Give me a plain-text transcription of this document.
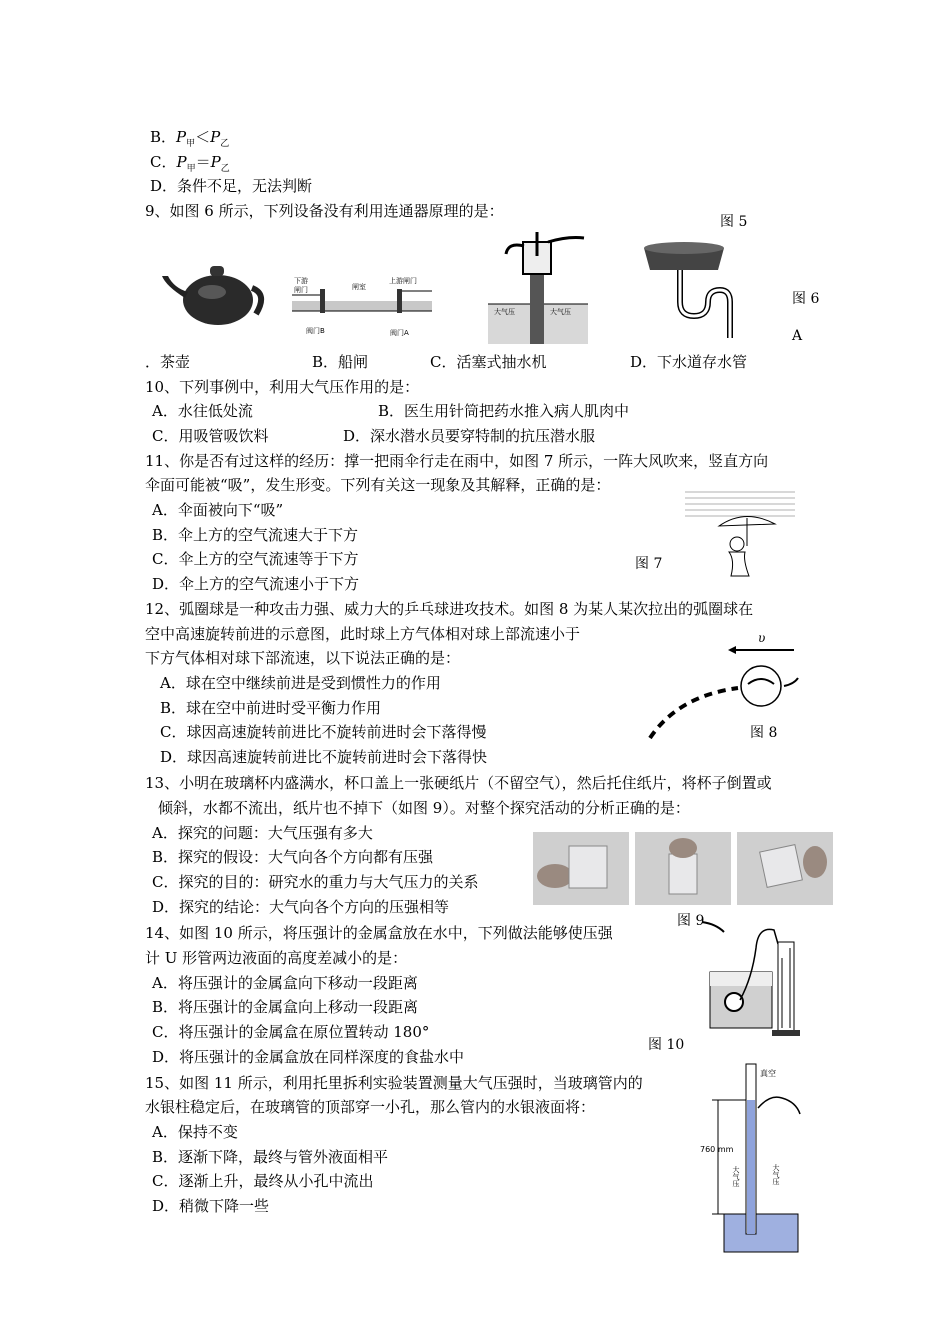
B．$P_甲<P_乙$
C．$P_甲=P_乙$
D．条件不足，无法判断
9、如图 6 所示，下列设备没有利用连通器原理的是：
图 5
图 6
A
下游
闸门	闸室
上游闸门
阀门B	阀门A
大气压	大气压
．茶壶	B．船闸	C．活塞式抽水机	D．下水道存水管
10、下列事例中，利用大气压作用的是：
A．水往低处流	B．医生用针筒把药水推入病人肌肉中
C．用吸管吸饮料	D．深水潜水员要穿特制的抗压潜水服
11、你是否有过这样的经历：撑一把雨伞行走在雨中，如图 7 所示，一阵大风吹来，竖直方向
伞面可能被“吸”，发生形变。下列有关这一现象及其解释，正确的是：
A．伞面被向下“吸”
B．伞上方的空气流速大于下方
C．伞上方的空气流速等于下方
D．伞上方的空气流速小于下方
图 7
12、弧圈球是一种攻击力强、威力大的乒乓球进攻技术。如图 8 为某人某次拉出的弧圈球在
空中高速旋转前进的示意图，此时球上方气体相对球上部流速小于
下方气体相对球下部流速，以下说法正确的是：
A．球在空中继续前进是受到惯性力的作用
B．球在空中前进时受平衡力作用
C．球因高速旋转前进比不旋转前进时会下落得慢
D．球因高速旋转前进比不旋转前进时会下落得快
图 8
υ
13、小明在玻璃杯内盛满水，杯口盖上一张硬纸片（不留空气），然后托住纸片，将杯子倒置或
倾斜，水都不流出，纸片也不掉下（如图 9）。对整个探究活动的分析正确的是：
A．探究的问题：大气压强有多大
B．探究的假设：大气向各个方向都有压强
C．探究的目的：研究水的重力与大气压力的关系
D．探究的结论：大气向各个方向的压强相等
图 9
14、如图 10 所示，将压强计的金属盒放在水中，下列做法能够使压强
计 U 形管两边液面的高度差减小的是：
A．将压强计的金属盒向下移动一段距离
B．将压强计的金属盒向上移动一段距离
C．将压强计的金属盒在原位置转动 180°
D．将压强计的金属盒放在同样深度的食盐水中
图 10
15、如图 11 所示，利用托里拆利实验装置测量大气压强时，当玻璃管内的
水银柱稳定后，在玻璃管的顶部穿一小孔，那么管内的水银液面将：
A．保持不变
B．逐渐下降，最终与管外液面相平
C．逐渐上升，最终从小孔中流出
D．稍微下降一些
真空
760 mm
大气压	大气压
